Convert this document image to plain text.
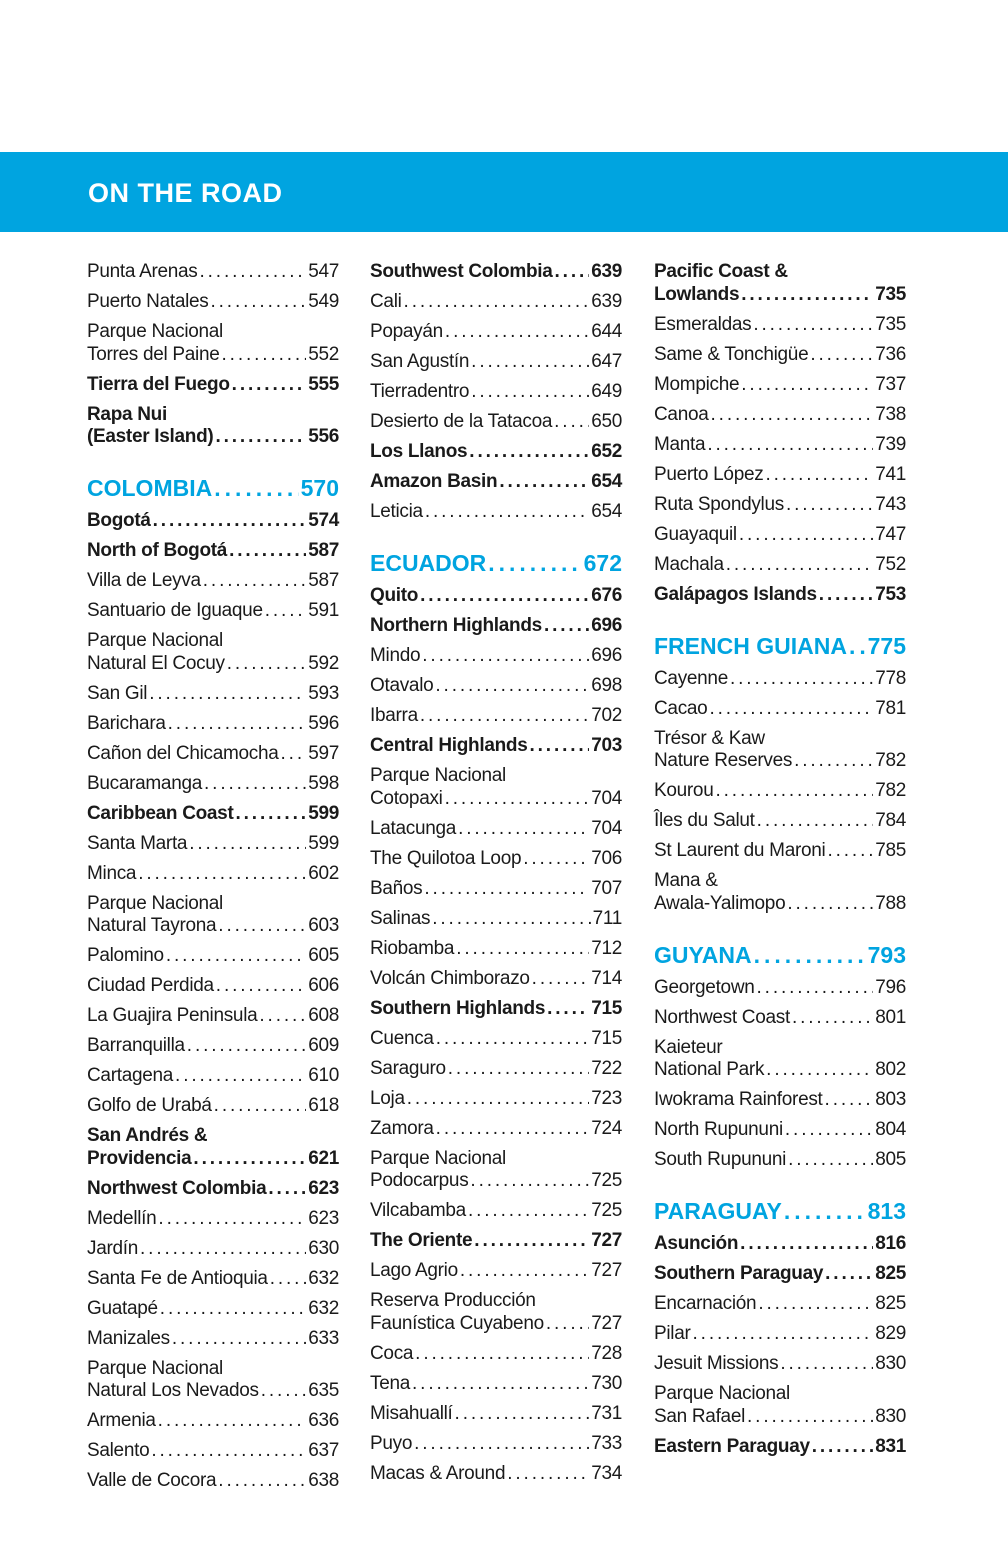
ON THE ROAD
Punta Arenas . . .	547
Puerto Natales . . .	549
Parque Nacional
Torres del Paine . . .	552
Tierra del Fuego . . .	555
Rapa Nui
(Easter Island) . . .	556
COLOMBIA . . .	570
Bogotá . . .	574
North of Bogotá . . .	587
Villa de Leyva . . .	587
Santuario de Iguaque . . . 591
Parque Nacional
Natural El Cocuy . . .	592
San Gil . . .	593
Barichara . . .	596
Cañon del Chicamocha . . . 597
Bucaramanga . . .	598
Caribbean Coast . . .	599
Santa Marta . . .	599
Minca . . .	602
Parque Nacional
Natural Tayrona . . .	603
Palomino . . .	605
Ciudad Perdida . . .	606
La Guajira Peninsula . . .	608
Barranquilla . . .	609
Cartagena . . .	610
Golfo de Urabá . . .	618
San Andrés &
Providencia . . .	621
Northwest Colombia . . . 623
Medellín . . .	623
Jardín . . .	630
Santa Fe de Antioquia . . . 632
Guatapé . . .	632
Manizales . . .	633
Parque Nacional
Natural Los Nevados . . .	635
Armenia . . .	636
Salento . . .	637
Valle de Cocora . . .	638
Southwest Colombia . . . 639
Cali . . .	639
Popayán . . .	644
San Agustín . . .	647
Tierradentro . . .	649
Desierto de la Tatacoa . . . 650
Los Llanos . . .	652
Amazon Basin . . .	654
Leticia . . .	654
ECUADOR . . .	672
Quito . . .	676
Northern Highlands . . .	696
Mindo . . .	696
Otavalo . . .	698
Ibarra . . .	702
Central Highlands . . .	703
Parque Nacional
Cotopaxi . . .	704
Latacunga . . .	704
The Quilotoa Loop . . .	706
Baños . . .	707
Salinas . . .	711
Riobamba . . .	712
Volcán Chimborazo . . .	714
Southern Highlands . . . 715
Cuenca . . .	715
Saraguro . . .	722
Loja . . .	723
Zamora . . .	724
Parque Nacional
Podocarpus . . .	725
Vilcabamba . . .	725
The Oriente . . .	727
Lago Agrio . . .	727
Reserva Producción
Faunística Cuyabeno . . . 727
Coca . . .	728
Tena . . .	730
Misahuallí . . .	731
Puyo . . .	733
Macas & Around . . .	734
Pacific Coast &
Lowlands . . .	735
Esmeraldas . . .	735
Same & Tonchigüe . . .	736
Mompiche . . .	737
Canoa . . .	738
Manta . . .	739
Puerto López . . .	741
Ruta Spondylus . . .	743
Guayaquil . . .	747
Machala . . .	752
Galápagos Islands . . .	753
FRENCH GUIANA . . . 775
Cayenne . . .	778
Cacao . . .	781
Trésor & Kaw
Nature Reserves . . .	782
Kourou . . .	782
Îles du Salut . . .	784
St Laurent du Maroni . . .	785
Mana &
Awala-Yalimopo . . .	788
GUYANA . . .	793
Georgetown . . .	796
Northwest Coast . . .	801
Kaieteur
National Park . . .	802
Iwokrama Rainforest . . .	803
North Rupununi . . .	804
South Rupununi . . .	805
PARAGUAY . . .	813
Asunción . . .	816
Southern Paraguay . . .	825
Encarnación . . .	825
Pilar . . .	829
Jesuit Missions . . .	830
Parque Nacional
San Rafael . . .	830
Eastern Paraguay . . .	831
